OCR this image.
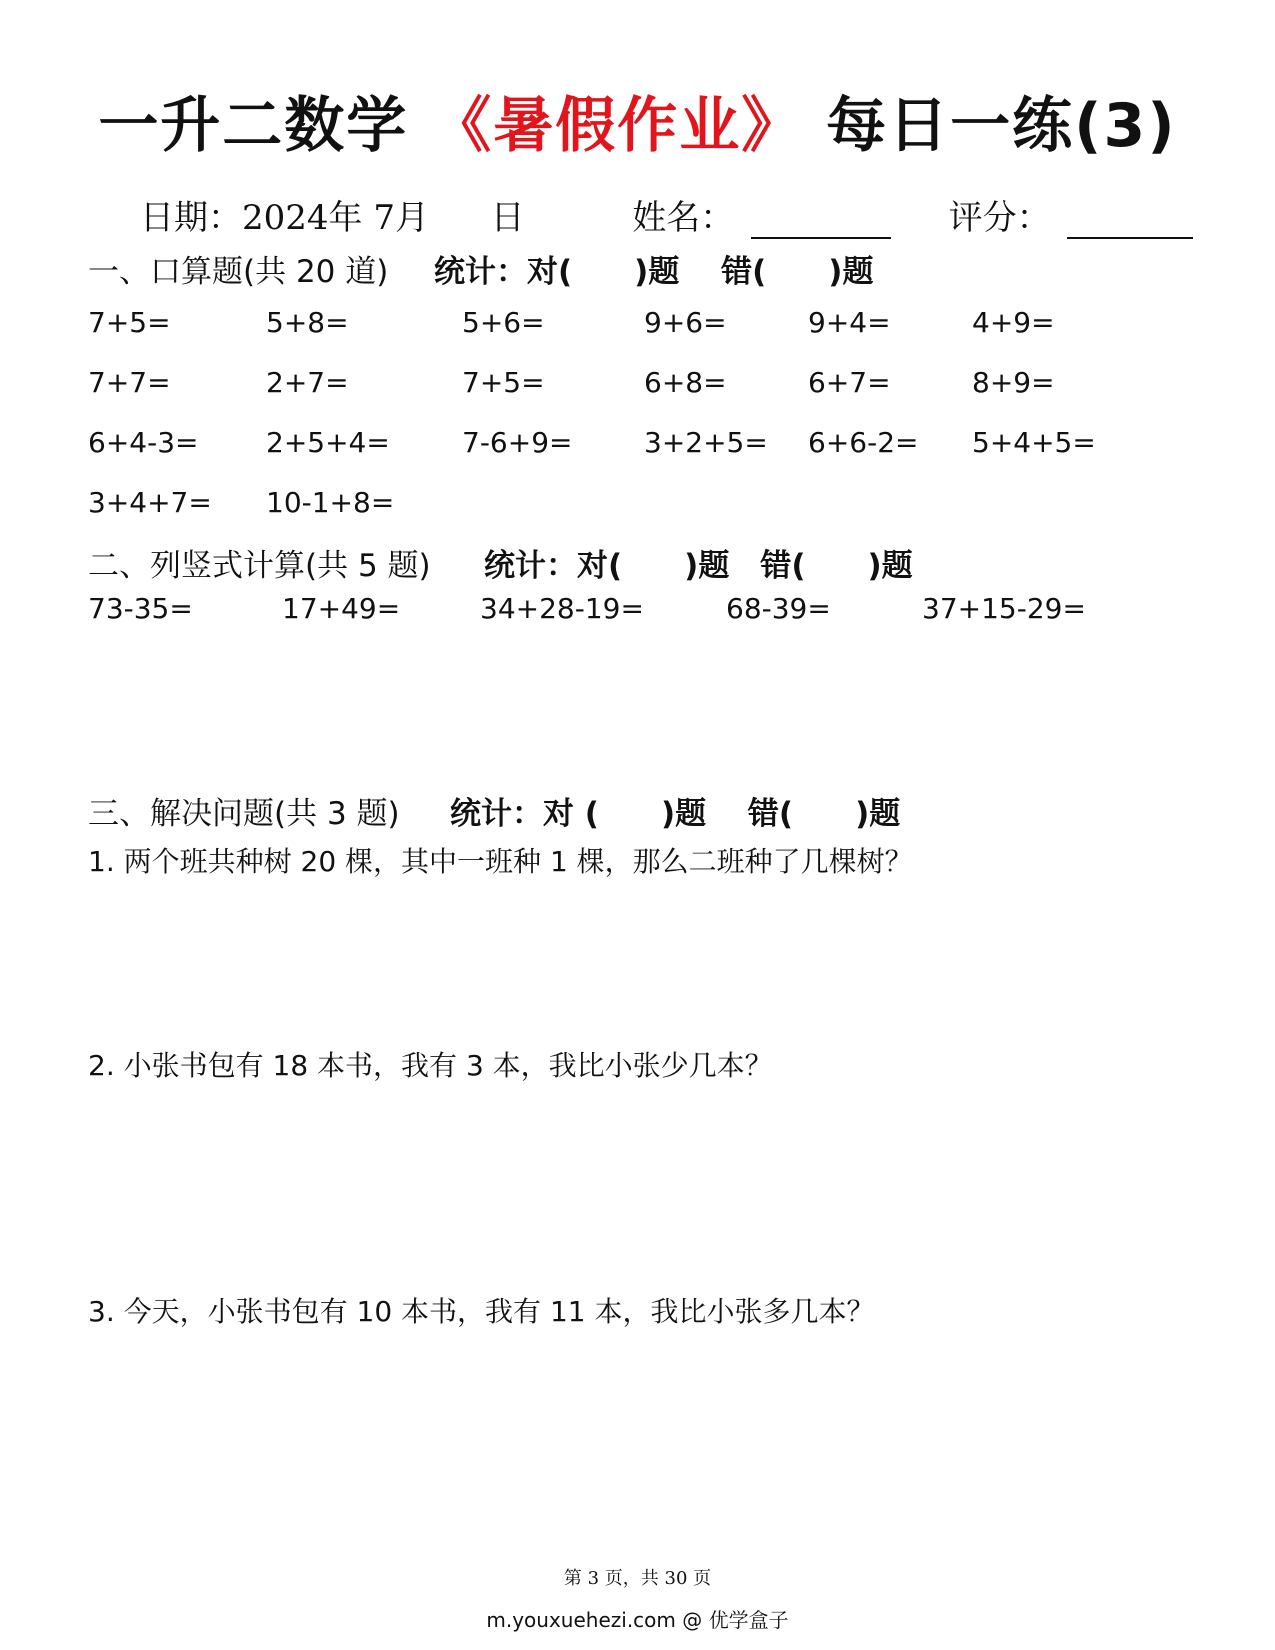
一升二数学 《暑假作业》 每日一练(3)
日期：2024年 7月 日	姓名：	评分：
一、口算题(共 20 道) 统计：对(　　)题　 错(　　)题
7+5=	5+8=	5+6=	9+6=	9+4=	4+9=
7+7=	2+7=	7+5=	6+8=	6+7=	8+9=
6+4-3= 2+5+4=	7-6+9=	3+2+5= 6+6-2= 5+4+5=
3+4+7= 10-1+8=
二、列竖式计算(共 5 题) 统计：对(　　)题　错(　　)题
73-35=	17+49=	34+28-19=	68-39=	37+15-29=
三、解决问题(共 3 题) 统计：对 (　　)题　 错(　　)题
1. 两个班共种树 20 棵，其中一班种 1 棵，那么二班种了几棵树？
2. 小张书包有 18 本书，我有 3 本，我比小张少几本？
3. 今天，小张书包有 10 本书，我有 11 本，我比小张多几本？
第 3 页，共 30 页
m.youxuehezi.com @ 优学盒子
